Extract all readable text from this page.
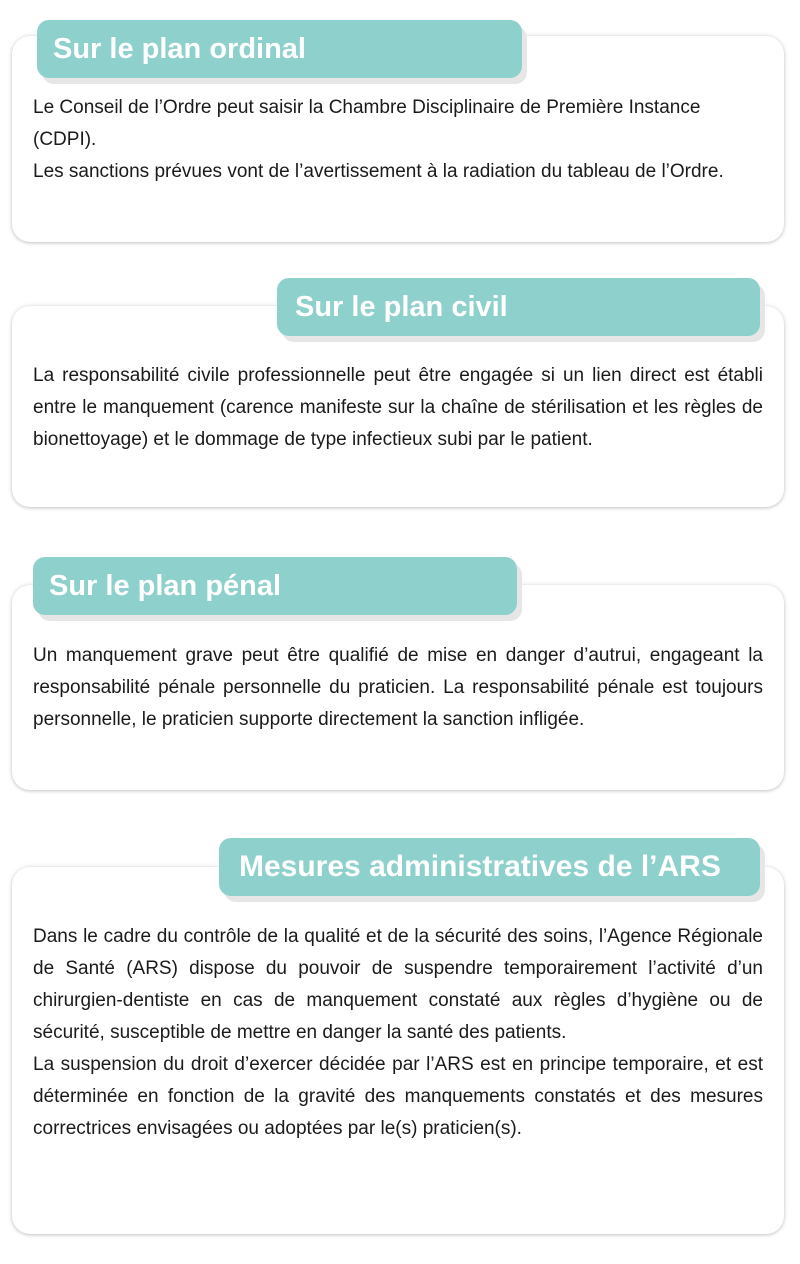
Sur le plan ordinal

Le Conseil de l’Ordre peut saisir la Chambre Disciplinaire de Première Instance (CDPI).

Les sanctions prévues vont de l’avertissement à la radiation du tableau de l’Ordre.

Sur le plan civil

La responsabilité civile professionnelle peut être engagée si un lien direct est établi entre le manquement (carence manifeste sur la chaîne de stérilisation et les règles de bionettoyage) et le dommage de type infectieux subi par le patient.

Sur le plan pénal

Un manquement grave peut être qualifié de mise en danger d’autrui, engageant la responsabilité pénale personnelle du praticien. La responsabilité pénale est toujours personnelle, le praticien supporte directement la sanction infligée.

Mesures administratives de l’ARS

Dans le cadre du contrôle de la qualité et de la sécurité des soins, l’Agence Régionale de Santé (ARS) dispose du pouvoir de suspendre temporairement l’activité d’un chirurgien-dentiste en cas de manquement constaté aux règles d’hygiène ou de sécurité, susceptible de mettre en danger la santé des patients.

La suspension du droit d’exercer décidée par l’ARS est en principe temporaire, et est déterminée en fonction de la gravité des manquements constatés et des mesures correctrices envisagées ou adoptées par le(s) praticien(s).
